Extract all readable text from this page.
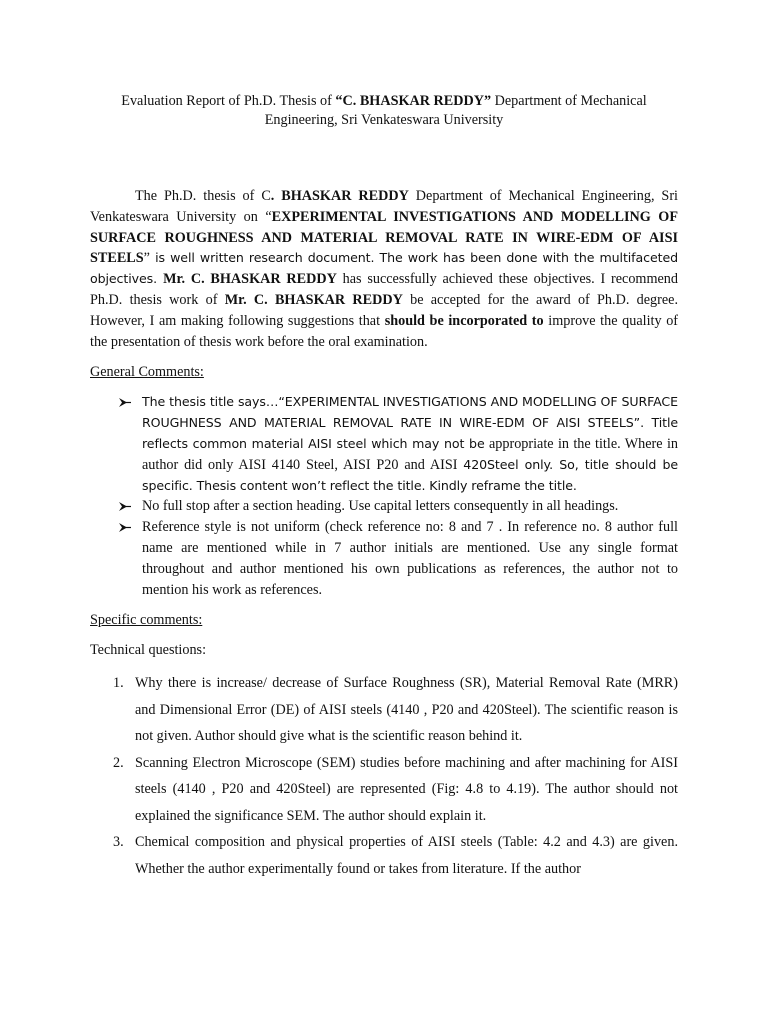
Evaluation Report of Ph.D. Thesis of “C. BHASKAR REDDY” Department of Mechanical
Engineering, Sri Venkateswara University

The Ph.D. thesis of C. BHASKAR REDDY Department of Mechanical Engineering, Sri Venkateswara University on “EXPERIMENTAL INVESTIGATIONS AND MODELLING OF SURFACE ROUGHNESS AND MATERIAL REMOVAL RATE IN WIRE-EDM OF AISI STEELS” is well written research document. The work has been done with the multifaceted objectives. Mr. C. BHASKAR REDDY has successfully achieved these objectives. I recommend Ph.D. thesis work of Mr. C. BHASKAR REDDY be accepted for the award of Ph.D. degree. However, I am making following suggestions that should be incorporated to improve the quality of the presentation of thesis work before the oral examination.

General Comments:
The thesis title says…“EXPERIMENTAL INVESTIGATIONS AND MODELLING OF SURFACE ROUGHNESS AND MATERIAL REMOVAL RATE IN WIRE-EDM OF AISI STEELS”. Title reflects common material AISI steel which may not be appropriate in the title. Where in author did only AISI 4140 Steel, AISI P20 and AISI 420Steel only. So, title should be specific. Thesis content won’t reflect the title. Kindly reframe the title.
No full stop after a section heading. Use capital letters consequently in all headings.
Reference style is not uniform (check reference no: 8 and 7 . In reference no. 8 author full name are mentioned while in 7 author initials are mentioned. Use any single format throughout and author mentioned his own publications as references, the author not to mention his work as references.
Specific comments:
Technical questions:
1. Why there is increase/ decrease of Surface Roughness (SR), Material Removal Rate (MRR) and Dimensional Error (DE) of AISI steels (4140 , P20 and 420Steel). The scientific reason is not given. Author should give what is the scientific reason behind it.
2. Scanning Electron Microscope (SEM) studies before machining and after machining for AISI steels (4140 , P20 and 420Steel) are represented (Fig: 4.8 to 4.19). The author should not explained the significance SEM. The author should explain it.
3. Chemical composition and physical properties of AISI steels (Table: 4.2 and 4.3) are given. Whether the author experimentally found or takes from literature. If the author
